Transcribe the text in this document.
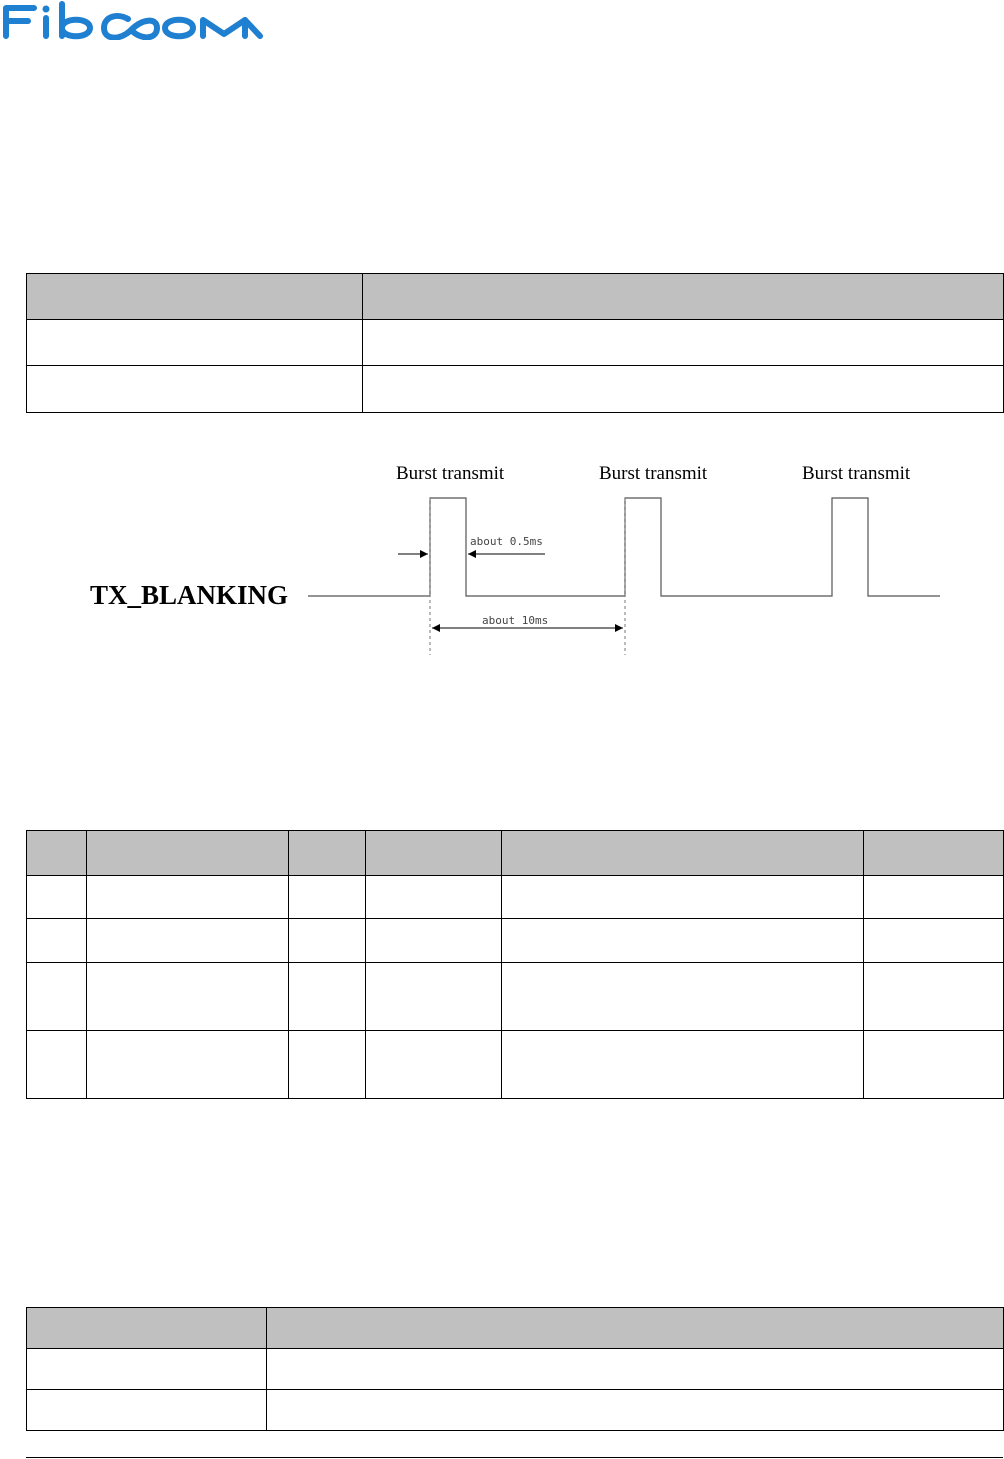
Burst transmit	Burst transmit	Burst transmit
TX_BLANKING
about 0.5ms
about 10ms
